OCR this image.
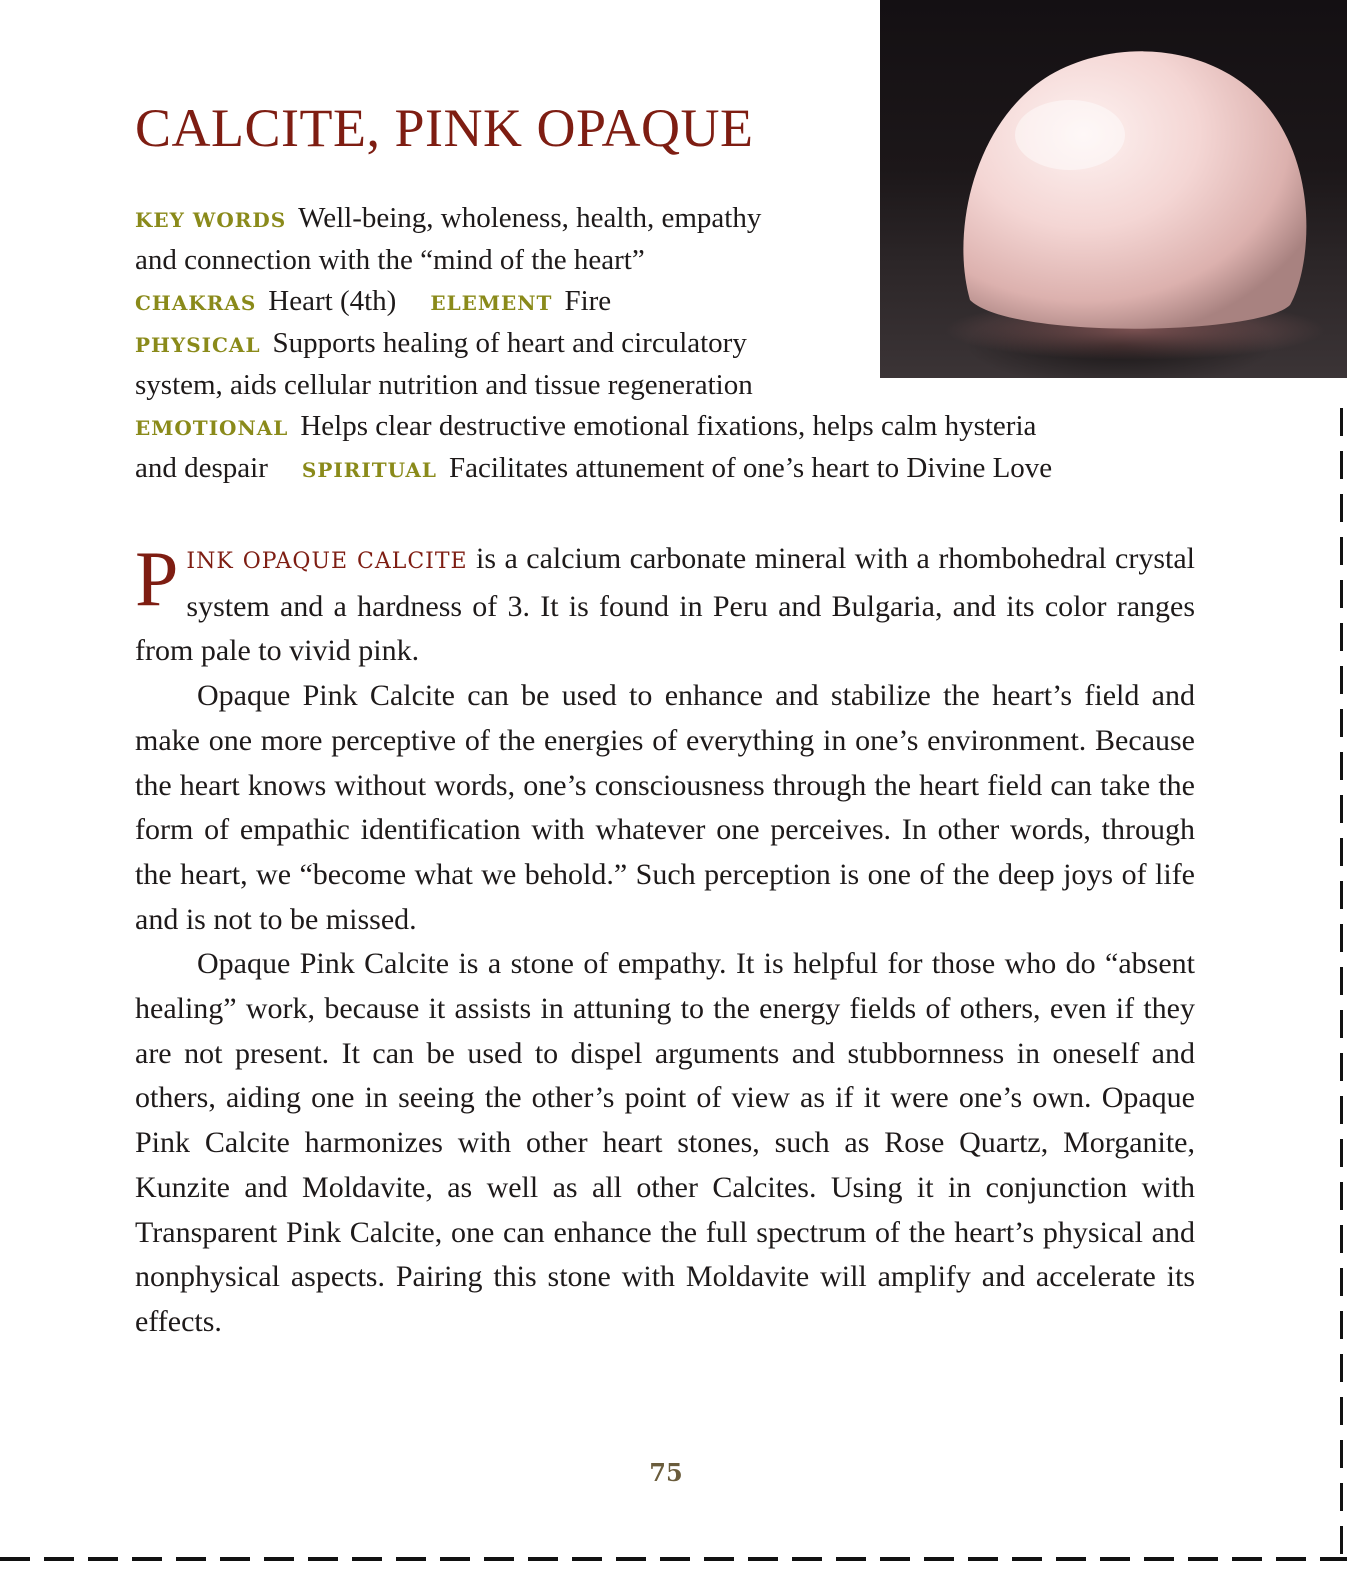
CALCITE, PINK OPAQUE
KEY WORDS Well-being, wholeness, health, empathy
and connection with the “mind of the heart”
CHAKRAS Heart (4th) ELEMENT Fire
PHYSICAL Supports healing of heart and circulatory
system, aids cellular nutrition and tissue regeneration
EMOTIONAL Helps clear destructive emotional fixations, helps calm hysteria
and despair SPIRITUAL Facilitates attunement of one’s heart to Divine Love

PINK OPAQUE CALCITE is a calcium carbonate mineral with a rhombohedral crystal system and a hardness of 3. It is found in Peru and Bulgaria, and its color ranges from pale to vivid pink.

Opaque Pink Calcite can be used to enhance and stabilize the heart’s field and make one more perceptive of the energies of everything in one’s environment. Because the heart knows without words, one’s consciousness through the heart field can take the form of empathic identification with whatever one perceives. In other words, through the heart, we “become what we behold.” Such perception is one of the deep joys of life and is not to be missed.

Opaque Pink Calcite is a stone of empathy. It is helpful for those who do “absent healing” work, because it assists in attuning to the energy fields of others, even if they are not present. It can be used to dispel arguments and stubbornness in oneself and others, aiding one in seeing the other’s point of view as if it were one’s own. Opaque Pink Calcite harmonizes with other heart stones, such as Rose Quartz, Morganite, Kunzite and Moldavite, as well as all other Calcites. Using it in conjunction with Transparent Pink Calcite, one can enhance the full spectrum of the heart’s physical and nonphysical aspects. Pairing this stone with Moldavite will amplify and accelerate its effects.

75
